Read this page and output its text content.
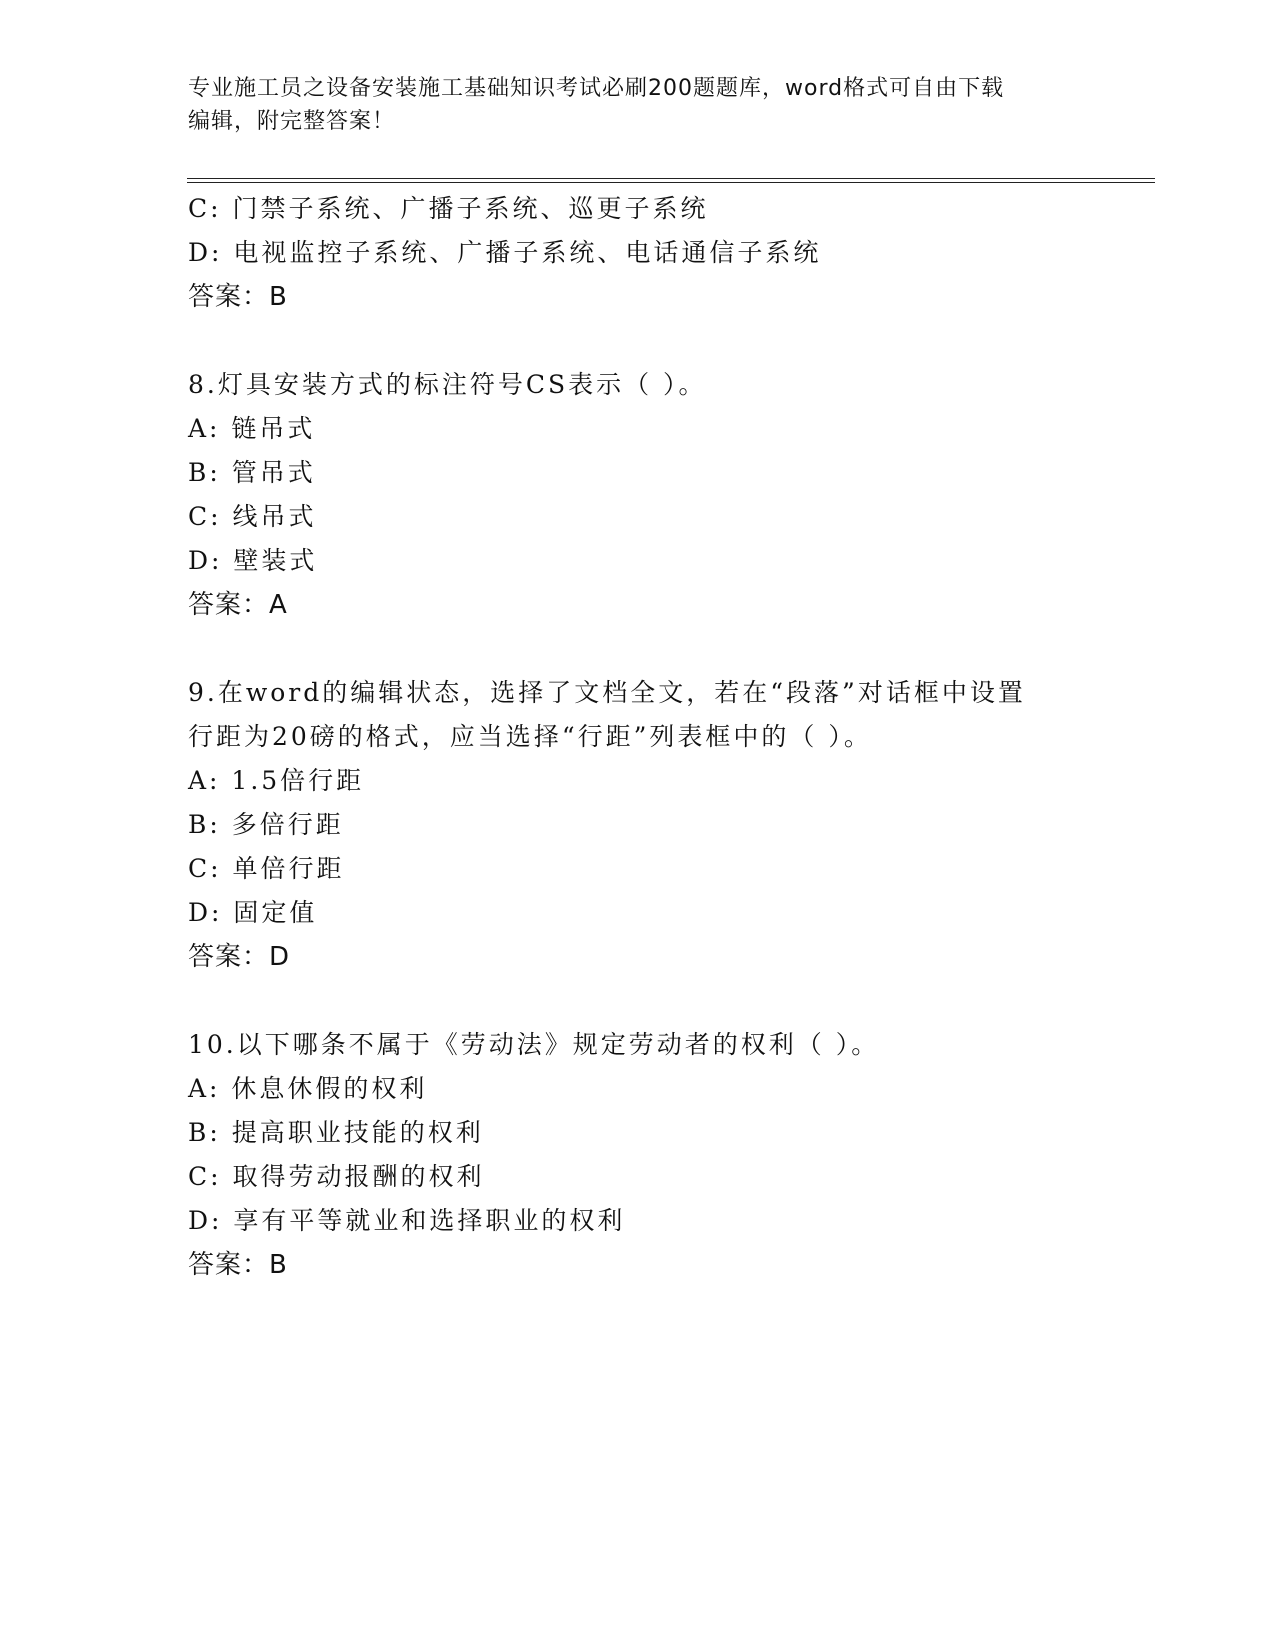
专业施工员之设备安装施工基础知识考试必刷200题题库，word格式可自由下载
编辑，附完整答案！
C: 门禁子系统、广播子系统、巡更子系统
D: 电视监控子系统、广播子系统、电话通信子系统
答案：B
8.灯具安装方式的标注符号CS表示（ ）。
A: 链吊式
B: 管吊式
C: 线吊式
D: 壁装式
答案：A
9.在word的编辑状态，选择了文档全文，若在“段落”对话框中设置
行距为20磅的格式，应当选择“行距”列表框中的（ ）。
A: 1.5倍行距
B: 多倍行距
C: 单倍行距
D: 固定值
答案：D
10.以下哪条不属于《劳动法》规定劳动者的权利（ ）。
A: 休息休假的权利
B: 提高职业技能的权利
C: 取得劳动报酬的权利
D: 享有平等就业和选择职业的权利
答案：B
